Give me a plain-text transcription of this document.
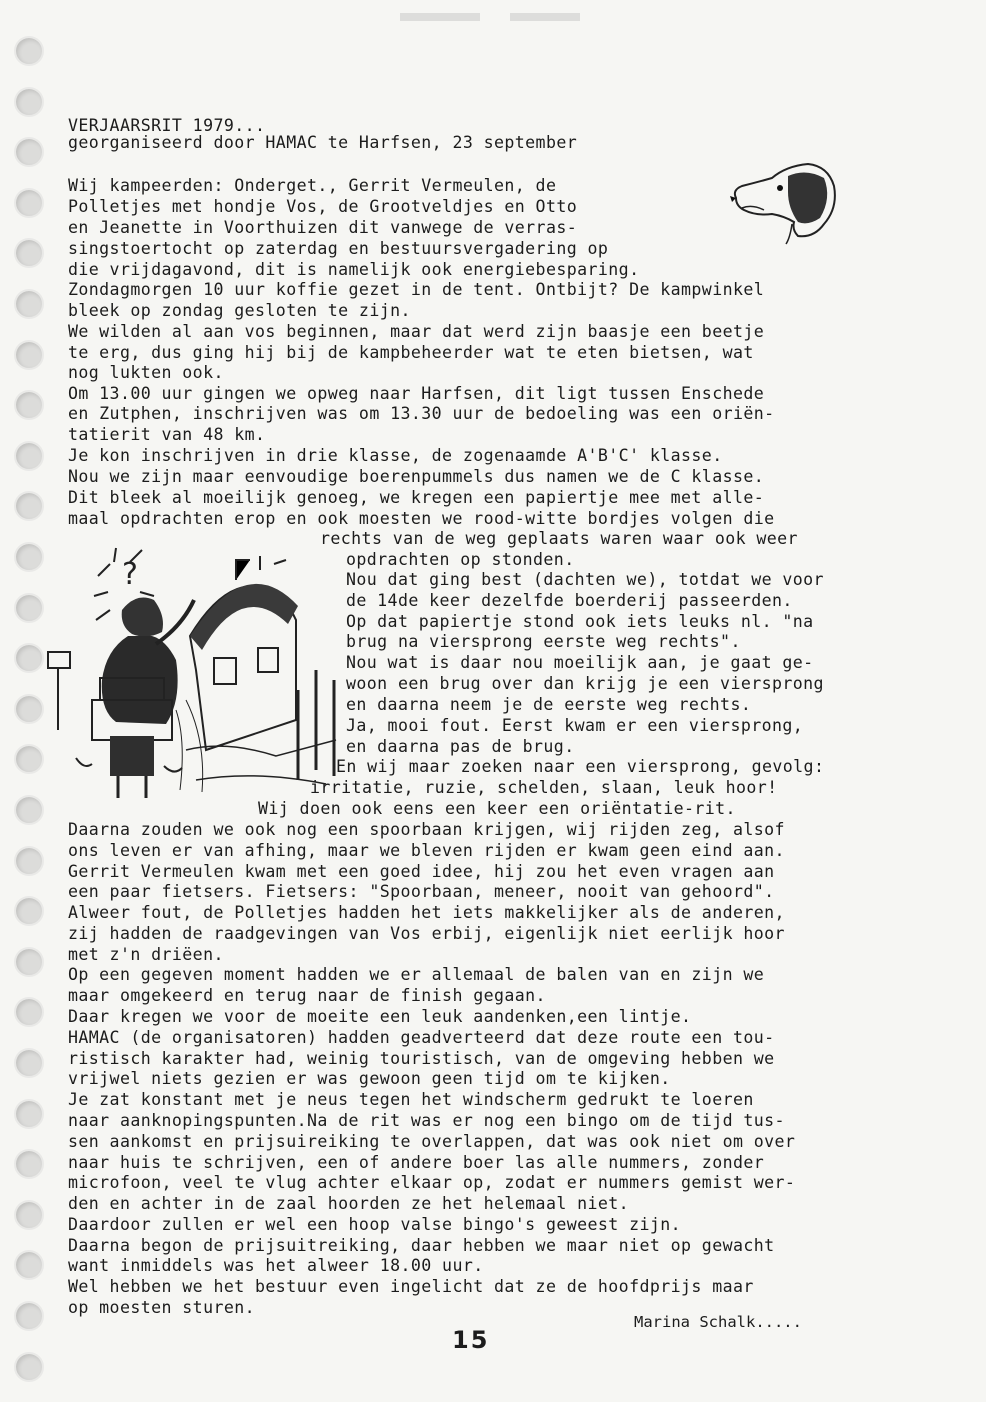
VERJAARSRIT 1979...
georganiseerd door HAMAC te Harfsen, 23 september
Wij kampeerden: Onderget., Gerrit Vermeulen, de
Polletjes met hondje Vos, de Grootveldjes en Otto
en Jeanette in Voorthuizen dit vanwege de verras-
singstoertocht op zaterdag en bestuursvergadering op
die vrijdagavond, dit is namelijk ook energiebesparing.
Zondagmorgen 10 uur koffie gezet in de tent. Ontbijt? De kampwinkel
bleek op zondag gesloten te zijn.
We wilden al aan vos beginnen, maar dat werd zijn baasje een beetje
te erg, dus ging hij bij de kampbeheerder wat te eten bietsen, wat
nog lukten ook.
Om 13.00 uur gingen we opweg naar Harfsen, dit ligt tussen Enschede
tatierit van 48 km.
Je kon inschrijven in drie klasse, de zogenaamde A'B'C' klasse.
Nou we zijn maar eenvoudige boerenpummels dus namen we de C klasse.
Dit bleek al moeilijk genoeg, we kregen een papiertje mee met alle-
maal opdrachten erop en ook moesten we rood-witte bordjes volgen die
rechts van de weg geplaats waren waar ook weer
opdrachten op stonden.
Nou dat ging best (dachten we), totdat we voor
de 14de keer dezelfde boerderij passeerden.
Op dat papiertje stond ook iets leuks nl. "na
brug na viersprong eerste weg rechts".
Nou wat is daar nou moeilijk aan, je gaat ge-
woon een brug over dan krijg je een viersprong
en daarna neem je de eerste weg rechts.
Ja, mooi fout. Eerst kwam er een viersprong,
en daarna pas de brug.
En wij maar zoeken naar een viersprong, gevolg:
irritatie, ruzie, schelden, slaan, leuk hoor!
Wij doen ook eens een keer een oriëntatie-rit.
Daarna zouden we ook nog een spoorbaan krijgen, wij rijden zeg, alsof
ons leven er van afhing, maar we bleven rijden er kwam geen eind aan.
Gerrit Vermeulen kwam met een goed idee, hij zou het even vragen aan
een paar fietsers. Fietsers: "Spoorbaan, meneer, nooit van gehoord".
Alweer fout, de Polletjes hadden het iets makkelijker als de anderen,
zij hadden de raadgevingen van Vos erbij, eigenlijk niet eerlijk hoor
met z'n driëen.
Op een gegeven moment hadden we er allemaal de balen van en zijn we
maar omgekeerd en terug naar de finish gegaan.
Daar kregen we voor de moeite een leuk aandenken,een lintje.
HAMAC (de organisatoren) hadden geadverteerd dat deze route een tou-
ristisch karakter had, weinig touristisch, van de omgeving hebben we
vrijwel niets gezien er was gewoon geen tijd om te kijken.
Je zat konstant met je neus tegen het windscherm gedrukt te loeren
naar aanknopingspunten.Na de rit was er nog een bingo om de tijd tus-
sen aankomst en prijsuireiking te overlappen, dat was ook niet om over
naar huis te schrijven, een of andere boer las alle nummers, zonder
microfoon, veel te vlug achter elkaar op, zodat er nummers gemist wer-
den en achter in de zaal hoorden ze het helemaal niet.
Daardoor zullen er wel een hoop valse bingo's geweest zijn.
Daarna begon de prijsuitreiking, daar hebben we maar niet op gewacht
want inmiddels was het alweer 18.00 uur.
Wel hebben we het bestuur even ingelicht dat ze de hoofdprijs maar
op moesten sturen.
en Zutphen, inschrijven was om 13.30 uur de bedoeling was een oriën-
?
Marina Schalk.....
15
